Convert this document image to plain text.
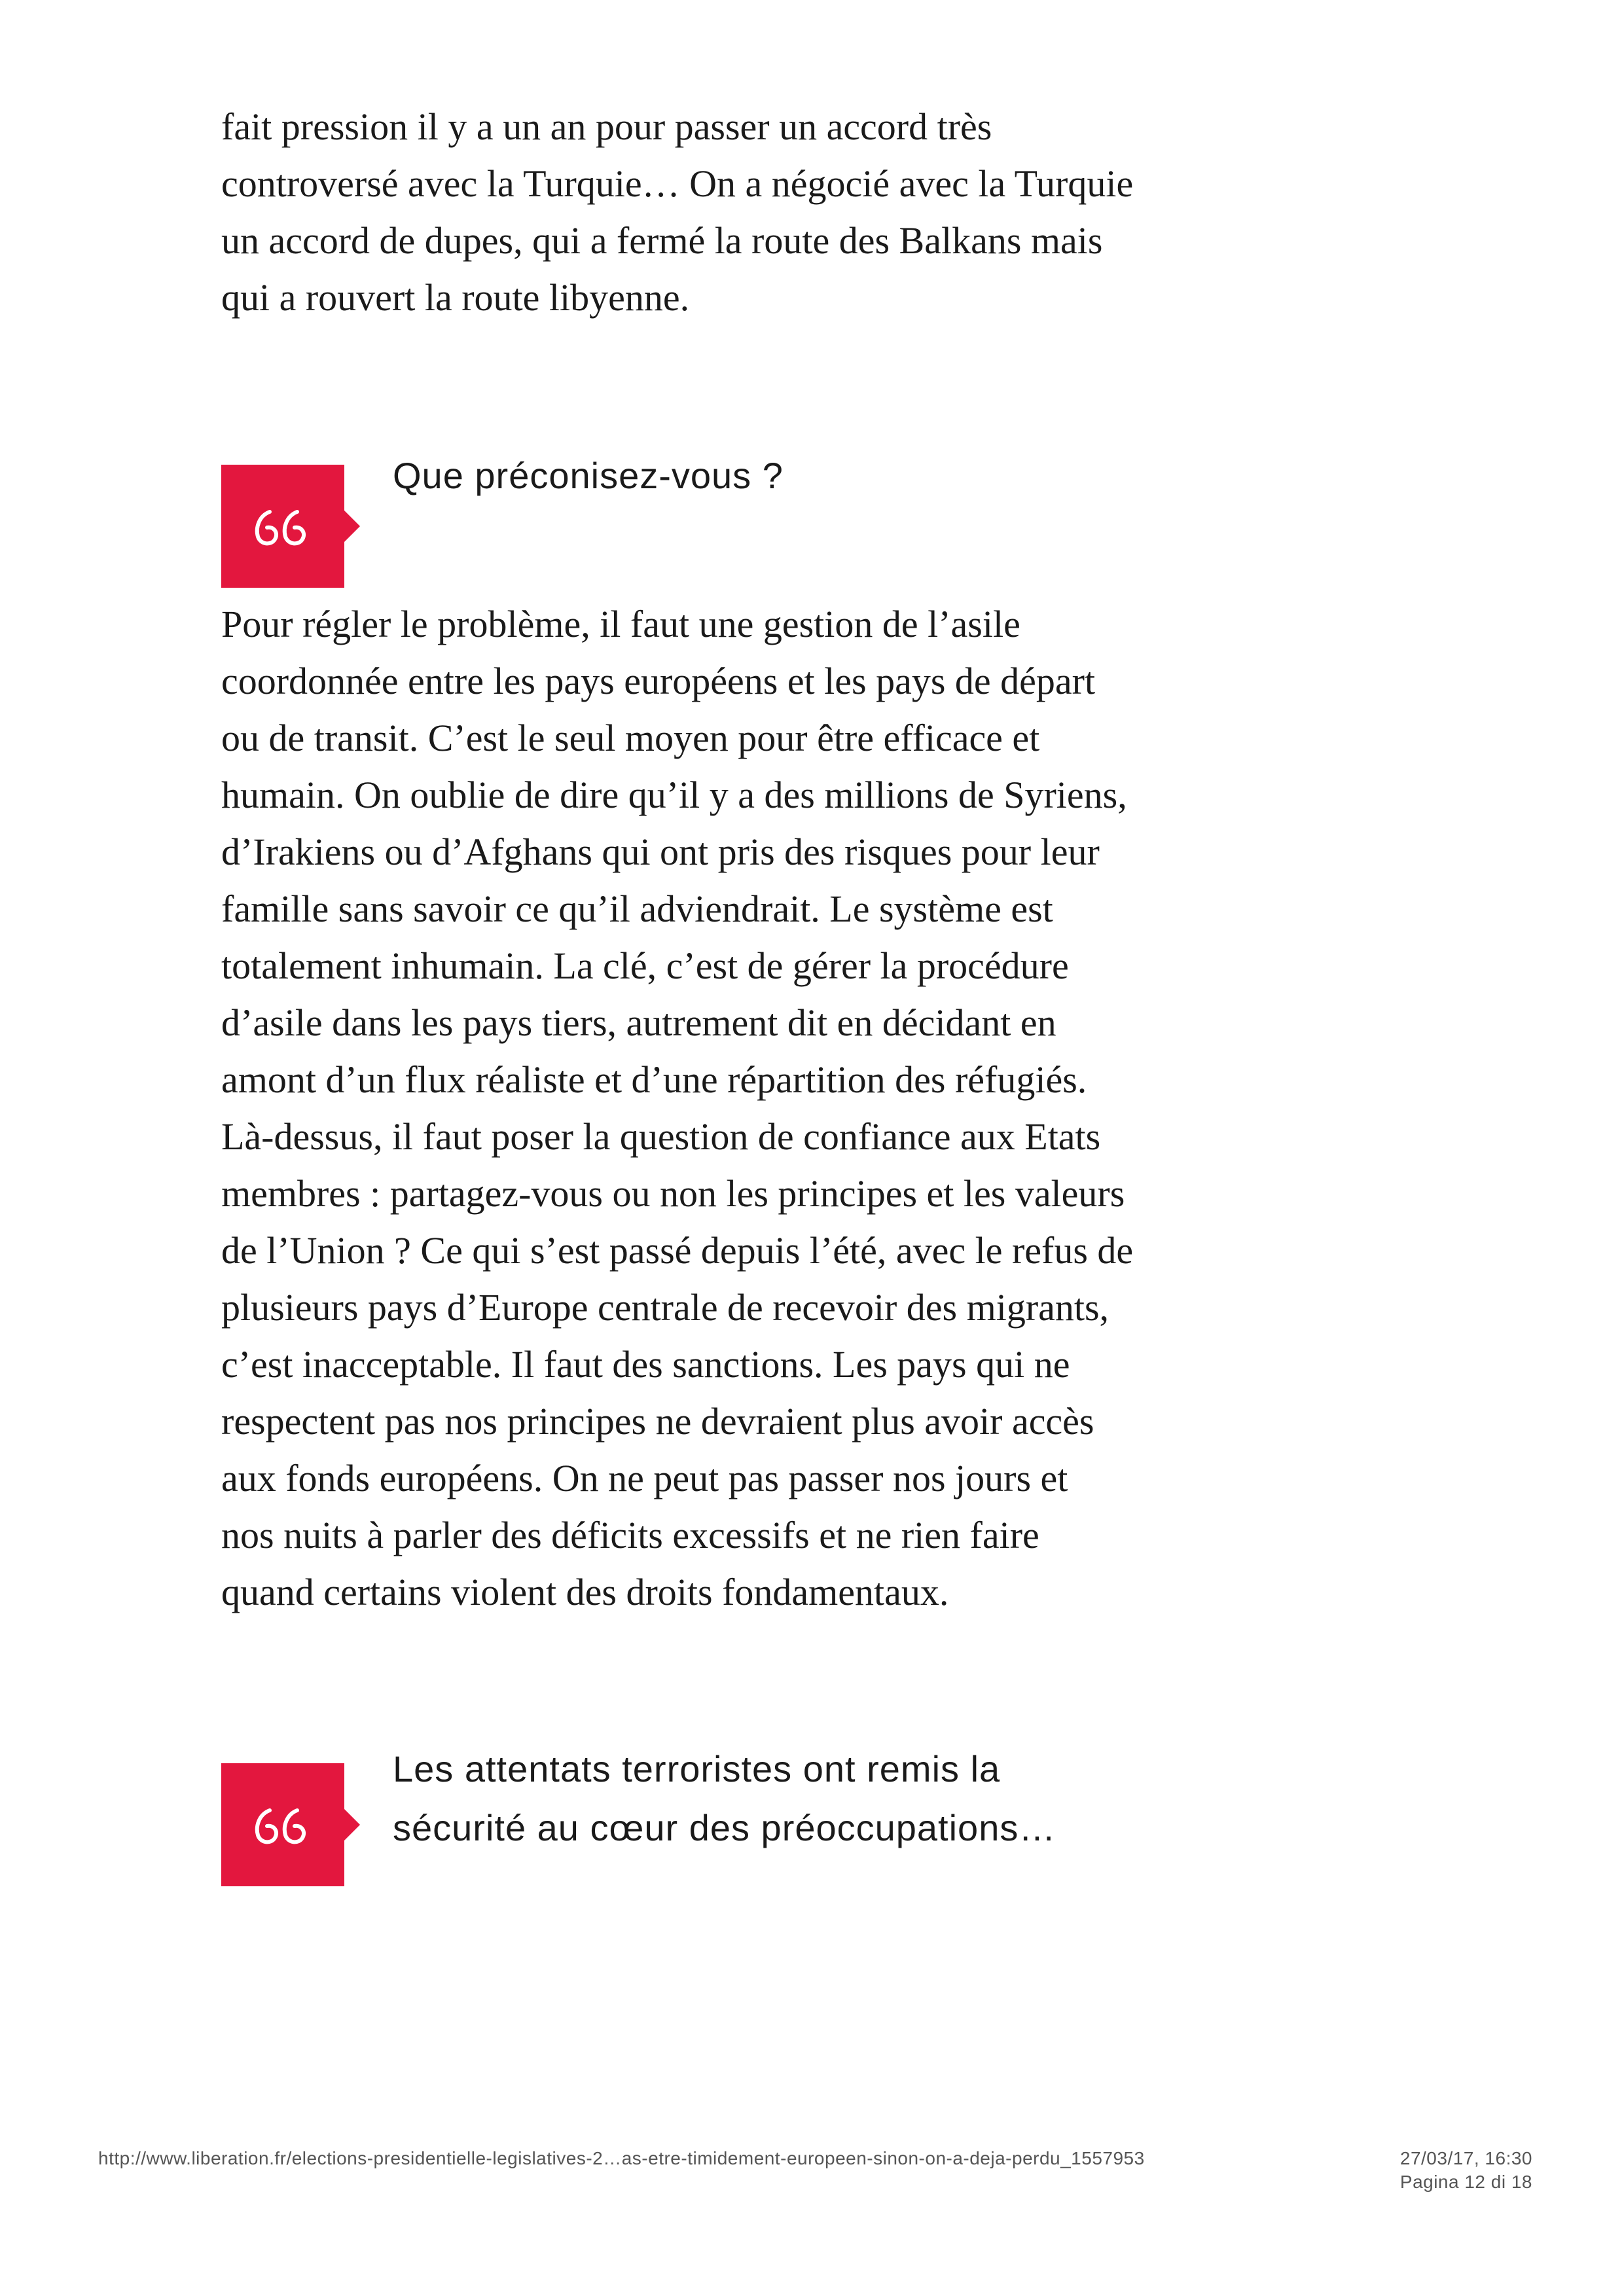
fait pression il y a un an pour passer un accord très
controversé avec la Turquie… On a négocié avec la Turquie
un accord de dupes, qui a fermé la route des Balkans mais
qui a rouvert la route libyenne.

Que préconisez-vous ?

Pour régler le problème, il faut une gestion de l’asile
coordonnée entre les pays européens et les pays de départ
ou de transit. C’est le seul moyen pour être efficace et
humain. On oublie de dire qu’il y a des millions de Syriens,
d’Irakiens ou d’Afghans qui ont pris des risques pour leur
famille sans savoir ce qu’il adviendrait. Le système est
totalement inhumain. La clé, c’est de gérer la procédure
d’asile dans les pays tiers, autrement dit en décidant en
amont d’un flux réaliste et d’une répartition des réfugiés.
Là-dessus, il faut poser la question de confiance aux Etats
membres : partagez-vous ou non les principes et les valeurs
de l’Union ? Ce qui s’est passé depuis l’été, avec le refus de
plusieurs pays d’Europe centrale de recevoir des migrants,
c’est inacceptable. Il faut des sanctions. Les pays qui ne
respectent pas nos principes ne devraient plus avoir accès
aux fonds européens. On ne peut pas passer nos jours et
nos nuits à parler des déficits excessifs et ne rien faire
quand certains violent des droits fondamentaux.

Les attentats terroristes ont remis la
sécurité au cœur des préoccupations…
http://www.liberation.fr/elections-presidentielle-legislatives-2…as-etre-timidement-europeen-sinon-on-a-deja-perdu_1557953	27/03/17, 16:30
Pagina 12 di 18
